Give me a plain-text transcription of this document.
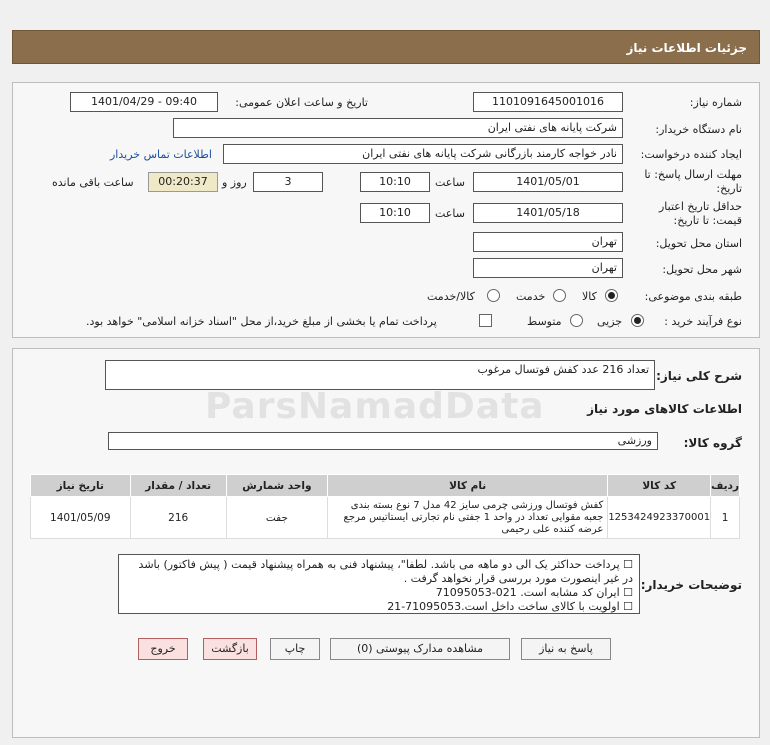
جزئیات اطلاعات نیاز
شماره نیاز:
1101091645001016
تاریخ و ساعت اعلان عمومی:
1401/04/29 - 09:40
نام دستگاه خریدار:
شرکت پایانه های نفتی ایران
ایجاد کننده درخواست:
نادر خواجه کارمند بازرگانی شرکت پایانه های نفتی ایران
اطلاعات تماس خریدار
مهلت ارسال پاسخ: تا
تاریخ:
1401/05/01
ساعت
10:10
3
روز و
00:20:37
ساعت باقی مانده
حداقل تاریخ اعتبار
قیمت: تا تاریخ:
1401/05/18
ساعت
10:10
استان محل تحویل:
تهران
شهر محل تحویل:
تهران
طبقه بندی موضوعی:
کالا
خدمت
کالا/خدمت
نوع فرآیند خرید :
جزیی
متوسط
پرداخت تمام یا بخشی از مبلغ خرید،از محل "اسناد خزانه اسلامی" خواهد بود.
شرح کلی نیاز:
تعداد 216 عدد کفش فوتسال مرغوب
ParsNamadData	اطلاعات کالاهای مورد نیاز
گروه کالا:
ورزشی
ردیف	کد کالا	نام کالا	واحد شمارش	تعداد / مقدار	تاریخ نیاز
1	1253424923370001	کفش فوتسال ورزشی چرمی سایز 42 مدل 7 نوع بسته بندی جعبه مقوایی تعداد در واحد 1 جفتی نام تجارتی ایستاتیس مرجع عرضه کننده علی رحیمی	جفت	216	1401/05/09
توضیحات خریدار:
☐ پرداخت حداکثر یک الی دو ماهه می باشد. لطفا"، پیشنهاد فنی به همراه پیشنهاد قیمت ( پیش فاکتور) باشد در غیر اینصورت مورد بررسی قرار نخواهد گرفت .
☐ ایران کد مشابه است. 021-71095053
☐ اولویت با کالای ساخت داخل است.71095053-21
پاسخ به نیاز
مشاهده مدارک پیوستی (0)
چاپ
بازگشت
خروج
